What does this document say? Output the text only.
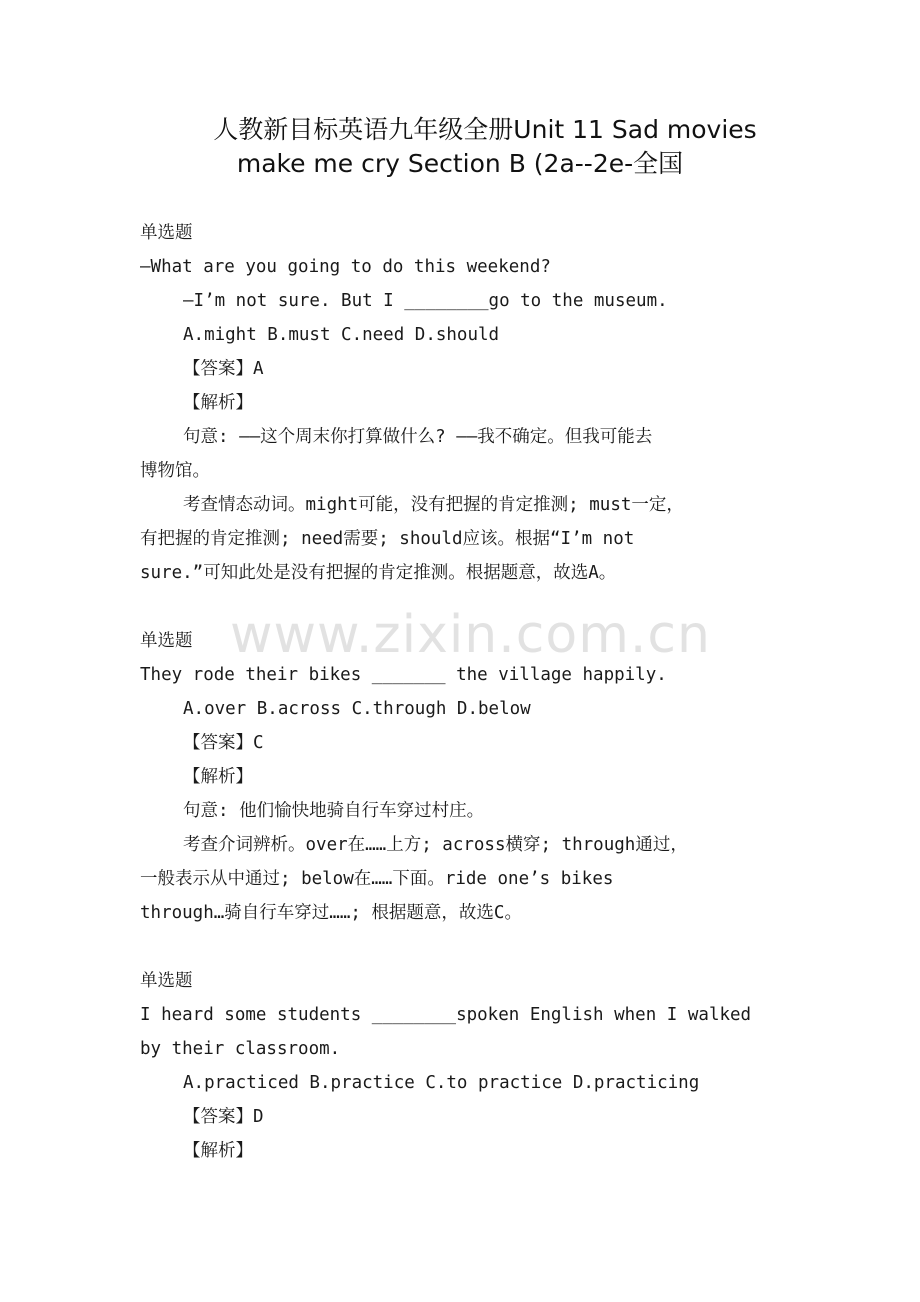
人教新目标英语九年级全册Unit 11 Sad movies
make me cry Section B (2a--2e-全国
www.zixin.com.cn
单选题
—What are you going to do this weekend?
—I’m not sure. But I ________go to the museum.
A.might B.must C.need D.should
【答案】A
【解析】
句意: ——这个周末你打算做什么? ——我不确定。但我可能去
博物馆。
考查情态动词。might可能，没有把握的肯定推测; must一定，
有把握的肯定推测; need需要; should应该。根据“I’m not
sure.”可知此处是没有把握的肯定推测。根据题意，故选A。
单选题
They rode their bikes _______ the village happily.
A.over B.across C.through D.below
【答案】C
【解析】
句意: 他们愉快地骑自行车穿过村庄。
考查介词辨析。over在……上方; across横穿; through通过，
一般表示从中通过; below在……下面。ride one’s bikes
through…骑自行车穿过……; 根据题意，故选C。
单选题
I heard some students ________spoken English when I walked
by their classroom.
A.practiced B.practice C.to practice D.practicing
【答案】D
【解析】
